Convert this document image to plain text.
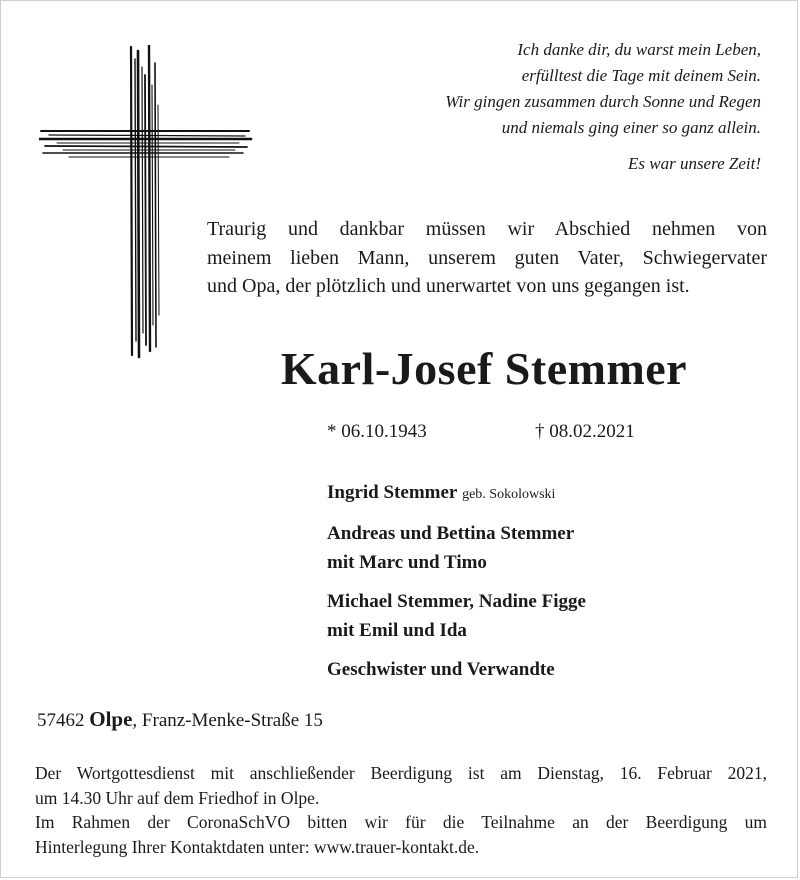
Ich danke dir, du warst mein Leben,
erfülltest die Tage mit deinem Sein.
Wir gingen zusammen durch Sonne und Regen
und niemals ging einer so ganz allein.
Es war unsere Zeit!
Traurig und dankbar müssen wir Abschied nehmen von
meinem lieben Mann, unserem guten Vater, Schwiegervater
und Opa, der plötzlich und unerwartet von uns gegangen ist.
Karl-Josef Stemmer
* 06.10.1943	† 08.02.2021
Ingrid Stemmer geb. Sokolowski
Andreas und Bettina Stemmer
mit Marc und Timo
Michael Stemmer, Nadine Figge
mit Emil und Ida
Geschwister und Verwandte
57462 Olpe, Franz-Menke-Straße 15
Der Wortgottesdienst mit anschließender Beerdigung ist am Dienstag, 16. Februar 2021,
um 14.30 Uhr auf dem Friedhof in Olpe.
Im Rahmen der CoronaSchVO bitten wir für die Teilnahme an der Beerdigung um
Hinterlegung Ihrer Kontaktdaten unter: www.trauer-kontakt.de.
